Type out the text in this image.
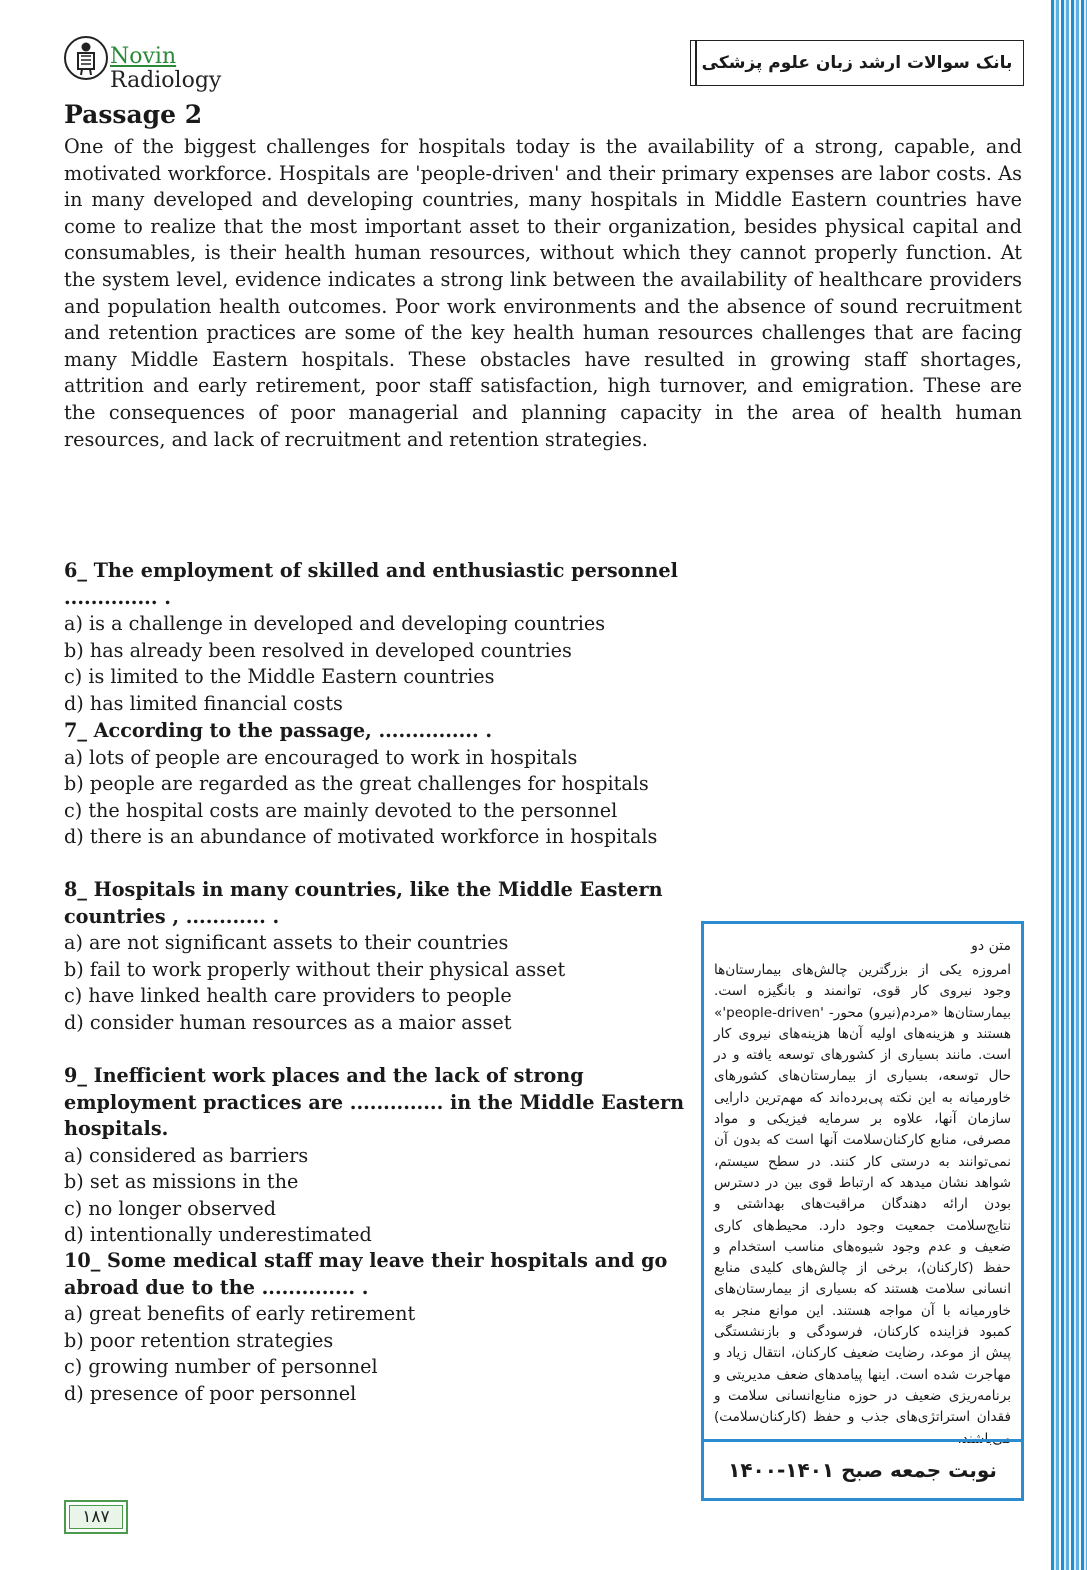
Novin
Radiology
بانک سوالات ارشد زبان علوم پزشکی
Passage 2

One of the biggest challenges for hospitals today is the availability of a strong, capable, and motivated workforce. Hospitals are 'people-driven' and their primary expenses are labor costs. As in many developed and developing countries, many hospitals in Middle Eastern countries have come to realize that the most important asset to their organization, besides physical capital and consumables, is their health human resources, without which they cannot properly function. At the system level, evidence indicates a strong link between the availability of healthcare providers and population health outcomes. Poor work environments and the absence of sound recruitment and retention practices are some of the key health human resources challenges that are facing many Middle Eastern hospitals. These obstacles have resulted in growing staff shortages, attrition and early retirement, poor staff satisfaction, high turnover, and emigration. These are the consequences of poor managerial and planning capacity in the area of health human resources, and lack of recruitment and retention strategies.

6_ The employment of skilled and enthusiastic personnel .............. .
a) is a challenge in developed and developing countries
b) has already been resolved in developed countries
c) is limited to the Middle Eastern countries
d) has limited financial costs
7_ According to the passage, ............... .
a) lots of people are encouraged to work in hospitals
b) people are regarded as the great challenges for hospitals
c) the hospital costs are mainly devoted to the personnel
d) there is an abundance of motivated workforce in hospitals
8_ Hospitals in many countries, like the Middle Eastern countries , ............ .
a) are not significant assets to their countries
b) fail to work properly without their physical asset
c) have linked health care providers to people
d) consider human resources as a maior asset
9_ Inefficient work places and the lack of strong employment practices are .............. in the Middle Eastern hospitals.
a) considered as barriers
b) set as missions in the
c) no longer observed
d) intentionally underestimated
10_ Some medical staff may leave their hospitals and go abroad due to the .............. .
a) great benefits of early retirement
b) poor retention strategies
c) growing number of personnel
d) presence of poor personnel
متن دو

امروزه یکی از بزرگترین چالش‌های بیمارستان‌ها وجود نیروی کار قوی، توانمند و بانگیزه است. بیمارستان‌ها «مردم(نیرو) محور- 'people-driven'» هستند و هزینه‌های اولیه آن‌ها هزینه‌های نیروی کار است. مانند بسیاری از کشورهای توسعه یافته و در حال توسعه، بسیاری از بیمارستان‌های کشورهای خاورمیانه به این نکته پی‌برده‌اند که مهم‌ترین دارایی سازمان آنها، علاوه بر سرمایه فیزیکی و مواد مصرفی، منابع کارکنان‌سلامت آنها است که بدون آن نمی‌توانند به درستی کار کنند. در سطح سیستم، شواهد نشان میدهد که ارتباط قوی بین در دسترس بودن ارائه دهندگان مراقبت‌های بهداشتی و نتایج‌سلامت جمعیت وجود دارد. محیط‌های کاری ضعیف و عدم وجود شیوه‌های مناسب استخدام و حفظ (کارکنان)، برخی از چالش‌های کلیدی منابع انسانی سلامت هستند که بسیاری از بیمارستان‌های خاورمیانه با آن مواجه هستند. این موانع منجر به کمبود فزاینده کارکنان، فرسودگی و بازنشستگی پیش از موعد، رضایت ضعیف کارکنان، انتقال زیاد و مهاجرت شده است. اینها پیامدهای ضعف مدیریتی و برنامه‌ریزی ضعیف در حوزه منابع‌انسانی سلامت و فقدان استراتژی‌های جذب و حفظ (کارکنان‌سلامت) می‌باشند.

نوبت جمعه صبح ۱۴۰۱-۱۴۰۰
۱۸۷
